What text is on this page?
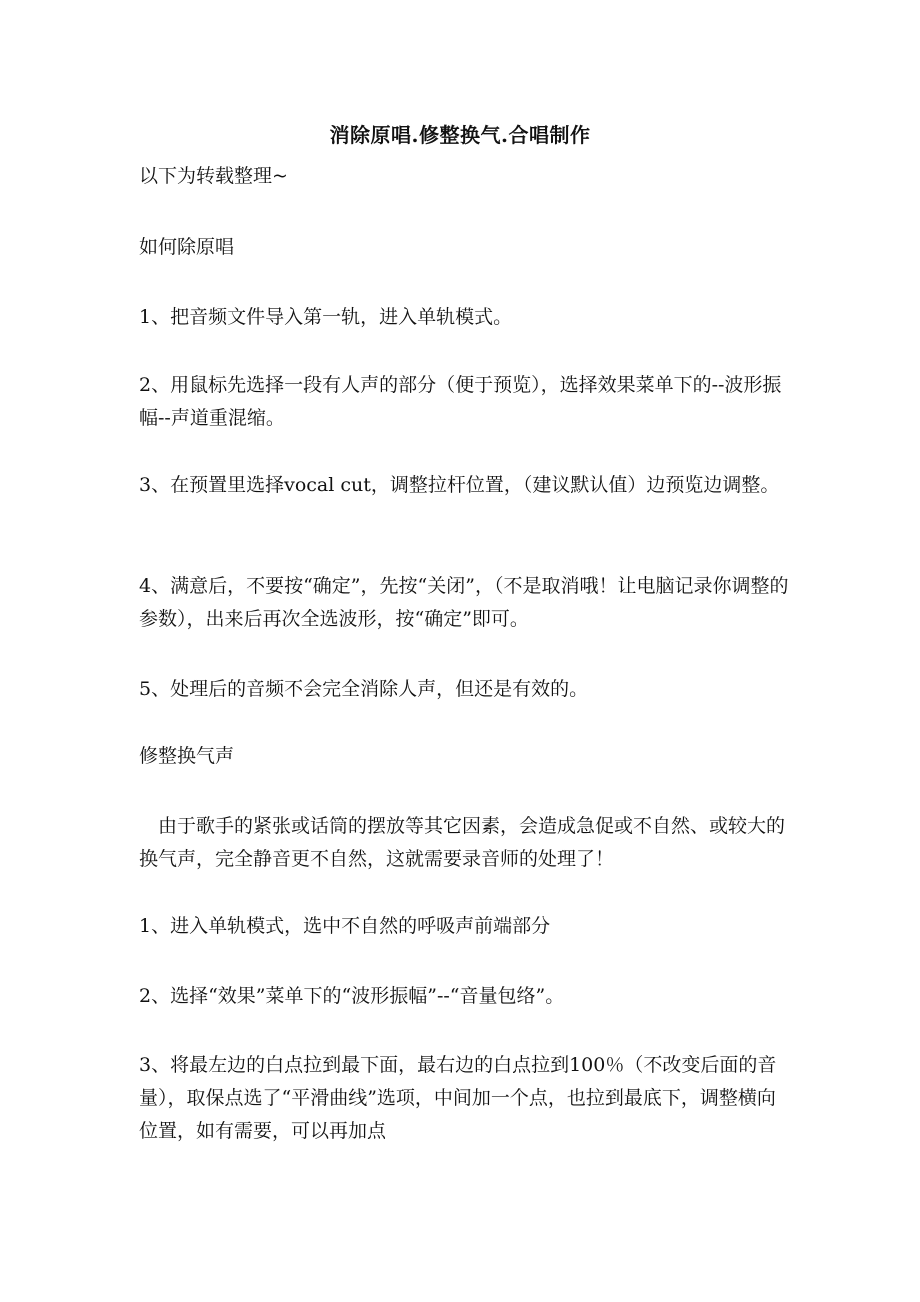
消除原唱.修整换气.合唱制作
以下为转载整理~
如何除原唱
1、把音频文件导入第一轨，进入单轨模式。
2、用鼠标先选择一段有人声的部分（便于预览），选择效果菜单下的--波形振幅--声道重混缩。
3、在预置里选择vocal cut，调整拉杆位置，（建议默认值）边预览边调整。
4、满意后，不要按“确定”，先按“关闭”，（不是取消哦！让电脑记录你调整的参数），出来后再次全选波形，按“确定”即可。
5、处理后的音频不会完全消除人声，但还是有效的。
修整换气声
由于歌手的紧张或话筒的摆放等其它因素，会造成急促或不自然、或较大的换气声，完全静音更不自然，这就需要录音师的处理了！
1、进入单轨模式，选中不自然的呼吸声前端部分
2、选择“效果”菜单下的“波形振幅”--“音量包络”。
3、将最左边的白点拉到最下面，最右边的白点拉到100％（不改变后面的音量），取保点选了“平滑曲线”选项，中间加一个点，也拉到最底下，调整横向位置，如有需要，可以再加点
